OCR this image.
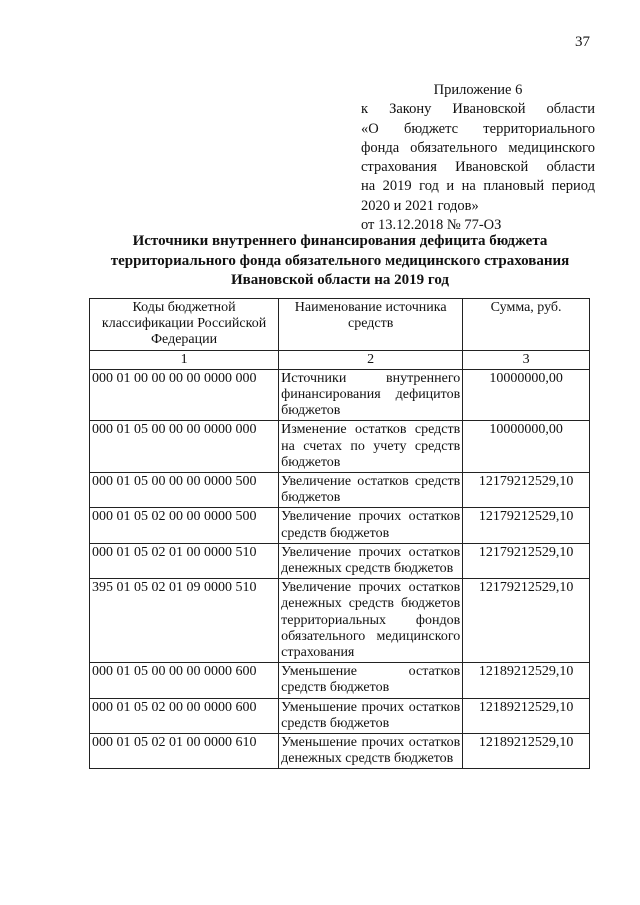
37
Приложение 6
к Закону Ивановской области
«О бюджетс территориального
фонда обязательного медицинского
страхования Ивановской области
на 2019 год и на плановый период
2020 и 2021 годов»
от 13.12.2018 № 77-ОЗ
Источники внутреннего финансирования дефицита бюджета
территориального фонда обязательного медицинского страхования
Ивановской области на 2019 год
Коды бюджетной классификации Российской Федерации	Наименование источника средств	Сумма, руб.
1	2	3
000 01 00 00 00 00 0000 000	Источники внутреннего финансирования дефицитов бюджетов	10000000,00
000 01 05 00 00 00 0000 000	Изменение остатков средств на счетах по учету средств бюджетов	10000000,00
000 01 05 00 00 00 0000 500	Увеличение остатков средств бюджетов	12179212529,10
000 01 05 02 00 00 0000 500	Увеличение прочих остатков средств бюджетов	12179212529,10
000 01 05 02 01 00 0000 510	Увеличение прочих остатков денежных средств бюджетов	12179212529,10
395 01 05 02 01 09 0000 510	Увеличение прочих остатков денежных средств бюджетов территориальных фондов обязательного медицинского страхования	12179212529,10
000 01 05 00 00 00 0000 600	Уменьшение остатков средств бюджетов	12189212529,10
000 01 05 02 00 00 0000 600	Уменьшение прочих остатков средств бюджетов	12189212529,10
000 01 05 02 01 00 0000 610	Уменьшение прочих остатков денежных средств бюджетов	12189212529,10
